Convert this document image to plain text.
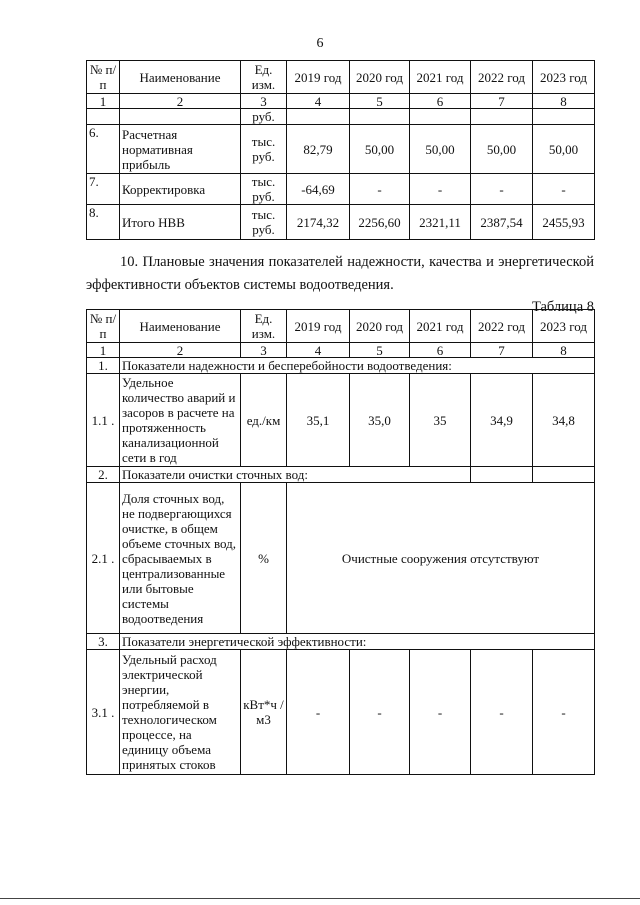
6
№ п/п	Наименование	Ед. изм.	2019 год	2020 год	2021 год	2022 год	2023 год
1	2	3	4	5	6	7	8
		руб.					
6.	Расчетная нормативная прибыль	тыс. руб.	82,79	50,00	50,00	50,00	50,00
7.	Корректировка	тыс. руб.	-64,69	-	-	-	-
8.	Итого НВВ	тыс. руб.	2174,32	2256,60	2321,11	2387,54	2455,93

10. Плановые значения показателей надежности, качества и энергетической эффективности объектов системы водоотведения.

Таблица 8
№ п/п	Наименование	Ед. изм.	2019 год	2020 год	2021 год	2022 год	2023 год
1	2	3	4	5	6	7	8
1.	Показатели надежности и бесперебойности водоотведения:						
1.1 .	Удельное количество аварий и засоров в расчете на протяженность канализационной сети в год	ед./км	35,1	35,0	35	34,9	34,8
2.	Показатели очистки сточных вод:						
2.1 .	Доля сточных вод, не подвергающихся очистке, в общем объеме сточных вод, сбрасываемых в централизованные или бытовые системы водоотведения	%	Очистные сооружения отсутствуют				
3.	Показатели энергетической эффективности:						
3.1 .	Удельный расход электрической энергии, потребляемой в технологическом процессе, на единицу объема принятых стоков	кВт*ч /м3	-	-	-	-	-
